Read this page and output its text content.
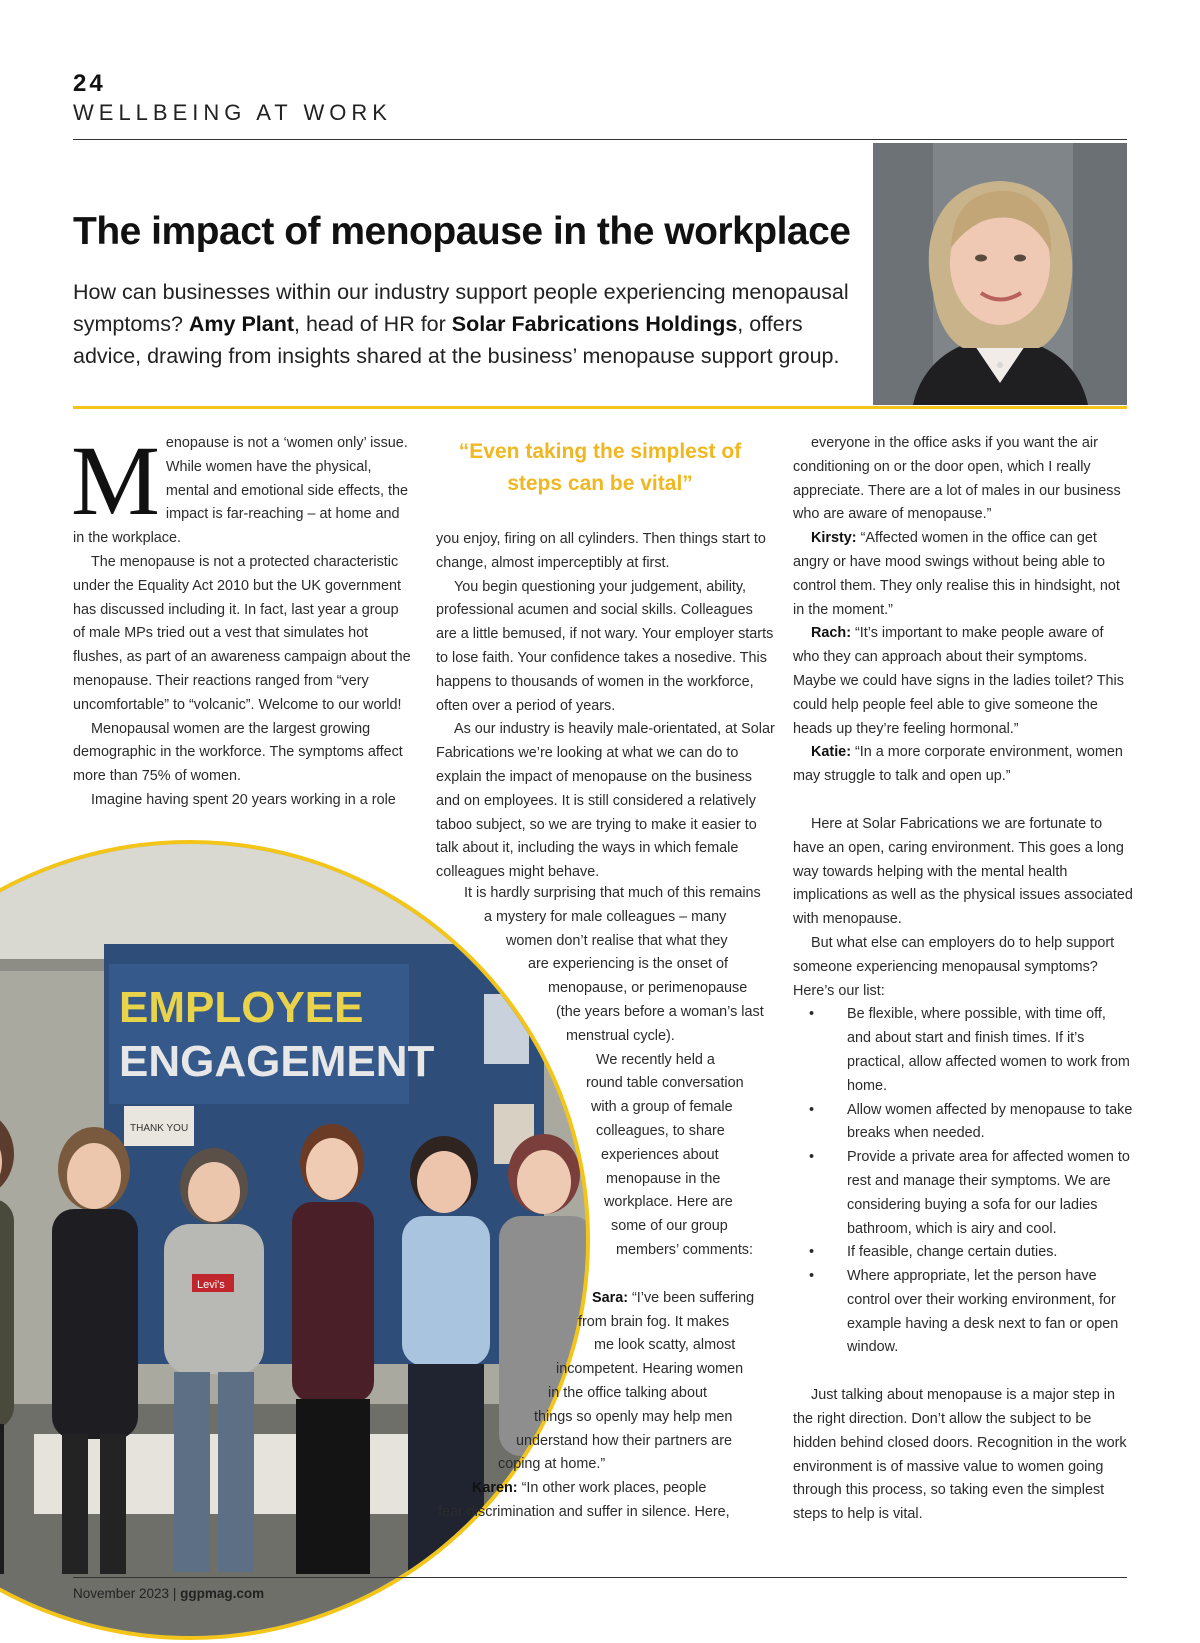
24
WELLBEING AT WORK
The impact of menopause in the workplace
How can businesses within our industry support people experiencing menopausal symptoms? Amy Plant, head of HR for Solar Fabrications Holdings, offers advice, drawing from insights shared at the business’ menopause support group.

Menopause is not a ‘women only’ issue. While women have the physical, mental and emotional side effects, the impact is far-reaching – at home and in the workplace.

The menopause is not a protected characteristic under the Equality Act 2010 but the UK government has discussed including it. In fact, last year a group of male MPs tried out a vest that simulates hot flushes, as part of an awareness campaign about the menopause. Their reactions ranged from “very uncomfortable” to “volcanic”. Welcome to our world!

Menopausal women are the largest growing demographic in the workforce. The symptoms affect more than 75% of women.

Imagine having spent 20 years working in a role

EMPLOYEE
ENGAGEMENT
THANK YOU
Levi's
“Even taking the simplest of steps can be vital”

you enjoy, firing on all cylinders. Then things start to change, almost imperceptibly at first.

You begin questioning your judgement, ability, professional acumen and social skills. Colleagues are a little bemused, if not wary. Your employer starts to lose faith. Your confidence takes a nosedive. This happens to thousands of women in the workforce, often over a period of years.

As our industry is heavily male-orientated, at Solar Fabrications we’re looking at what we can do to explain the impact of menopause on the business and on employees. It is still considered a relatively taboo subject, so we are trying to make it easier to talk about it, including the ways in which female colleagues might behave.

It is hardly surprising that much of this remains
a mystery for male colleagues – many
women don’t realise that what they
are experiencing is the onset of
menopause, or perimenopause
(the years before a woman’s last
menstrual cycle).
We recently held a
round table conversation
with a group of female
colleagues, to share
experiences about
menopause in the
workplace. Here are
some of our group
members’ comments:
Sara: “I’ve been suffering
from brain fog. It makes
me look scatty, almost
incompetent. Hearing women
in the office talking about
things so openly may help men
understand how their partners are
coping at home.”
Karen: “In other work places, people
fear discrimination and suffer in silence. Here,

everyone in the office asks if you want the air conditioning on or the door open, which I really appreciate. There are a lot of males in our business who are aware of menopause.”

Kirsty: “Affected women in the office can get angry or have mood swings without being able to control them. They only realise this in hindsight, not in the moment.”

Rach: “It’s important to make people aware of who they can approach about their symptoms. Maybe we could have signs in the ladies toilet? This could help people feel able to give someone the heads up they’re feeling hormonal.”

Katie: “In a more corporate environment, women may struggle to talk and open up.”

Here at Solar Fabrications we are fortunate to have an open, caring environment. This goes a long way towards helping with the mental health implications as well as the physical issues associated with menopause.

But what else can employers do to help support someone experiencing menopausal symptoms? Here’s our list:

• Be flexible, where possible, with time off, and about start and finish times. If it’s practical, allow affected women to work from home.

• Allow women affected by menopause to take breaks when needed.

• Provide a private area for affected women to rest and manage their symptoms. We are considering buying a sofa for our ladies bathroom, which is airy and cool.

• If feasible, change certain duties.

• Where appropriate, let the person have control over their working environment, for example having a desk next to fan or open window.

Just talking about menopause is a major step in the right direction. Don’t allow the subject to be hidden behind closed doors. Recognition in the work environment is of massive value to women going through this process, so taking even the simplest steps to help is vital.

November 2023 | ggpmag.com
